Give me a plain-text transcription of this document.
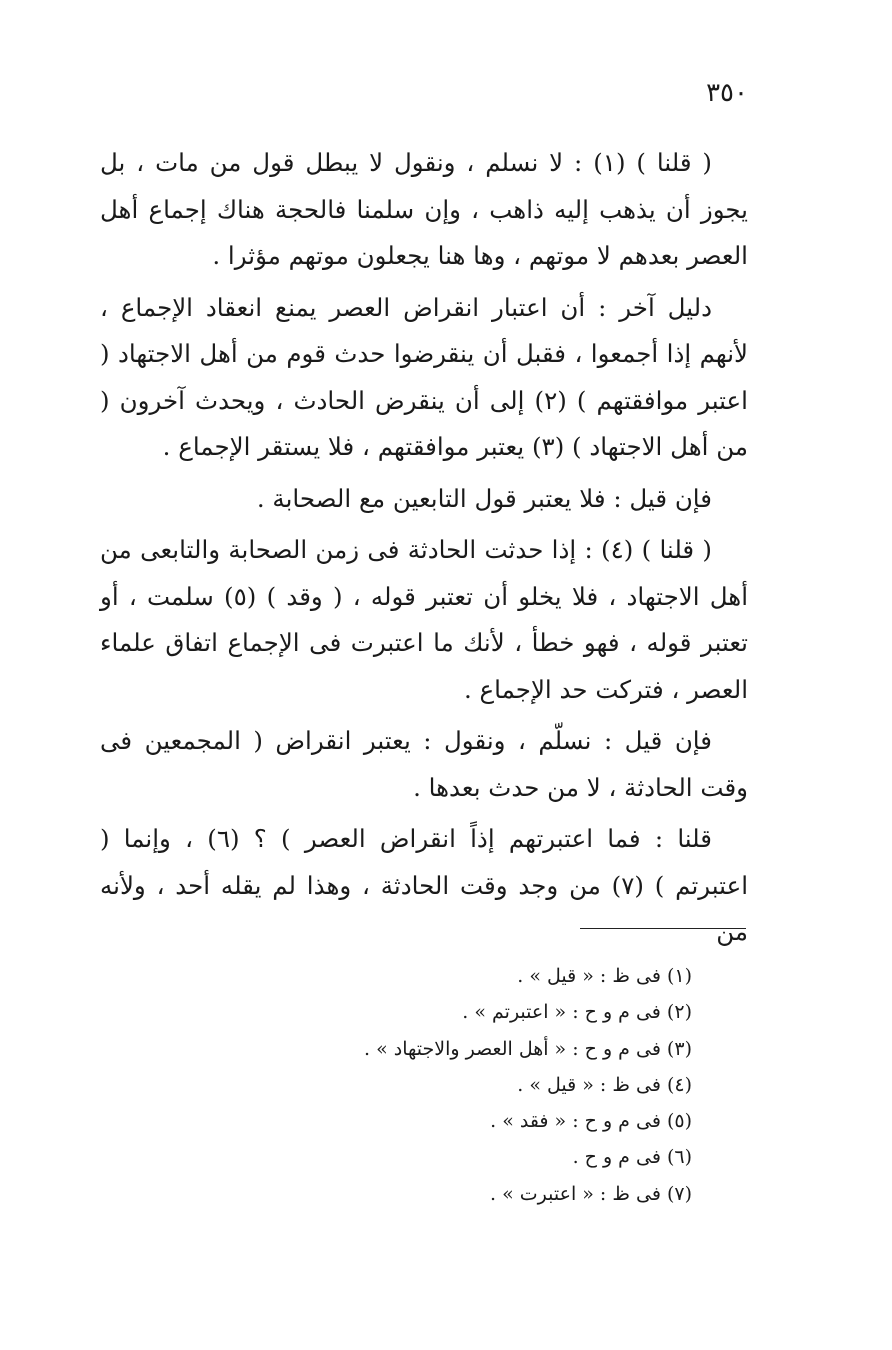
٣٥٠

( قلنا ) (١) : لا نسلم ، ونقول لا يبطل قول من مات ، بل يجوز أن يذهب إليه ذاهب ، وإن سلمنا فالحجة هناك إجماع أهل العصر بعدهم لا موتهم ، وها هنا يجعلون موتهم مؤثرا .

دليل آخر : أن اعتبار انقراض العصر يمنع انعقاد الإجماع ، لأنهم إذا أجمعوا ، فقبل أن ينقرضوا حدث قوم من أهل الاجتهاد ( اعتبر موافقتهم ) (٢) إلى أن ينقرض الحادث ، ويحدث آخرون ( من أهل الاجتهاد ) (٣) يعتبر موافقتهم ، فلا يستقر الإجماع .

فإن قيل : فلا يعتبر قول التابعين مع الصحابة .

( قلنا ) (٤) : إذا حدثت الحادثة فى زمن الصحابة والتابعى من أهل الاجتهاد ، فلا يخلو أن تعتبر قوله ، ( وقد ) (٥) سلمت ، أو تعتبر قوله ، فهو خطأ ، لأنك ما اعتبرت فى الإجماع اتفاق علماء العصر ، فتركت حد الإجماع .

فإن قيل : نسلّم ، ونقول : يعتبر انقراض ( المجمعين فى وقت الحادثة ، لا من حدث بعدها .

قلنا : فما اعتبرتهم إذاً انقراض العصر ) ؟ (٦) ، وإنما ( اعتبرتم ) (٧) من وجد وقت الحادثة ، وهذا لم يقله أحد ، ولأنه من

(١) فى ظ : « قيل » .
(٢) فى م و ح : « اعتبرتم » .
(٣) فى م و ح : « أهل العصر والاجتهاد » .
(٤) فى ظ : « قيل » .
(٥) فى م و ح : « فقد » .
(٦) فى م و ح .
(٧) فى ظ : « اعتبرت » .
